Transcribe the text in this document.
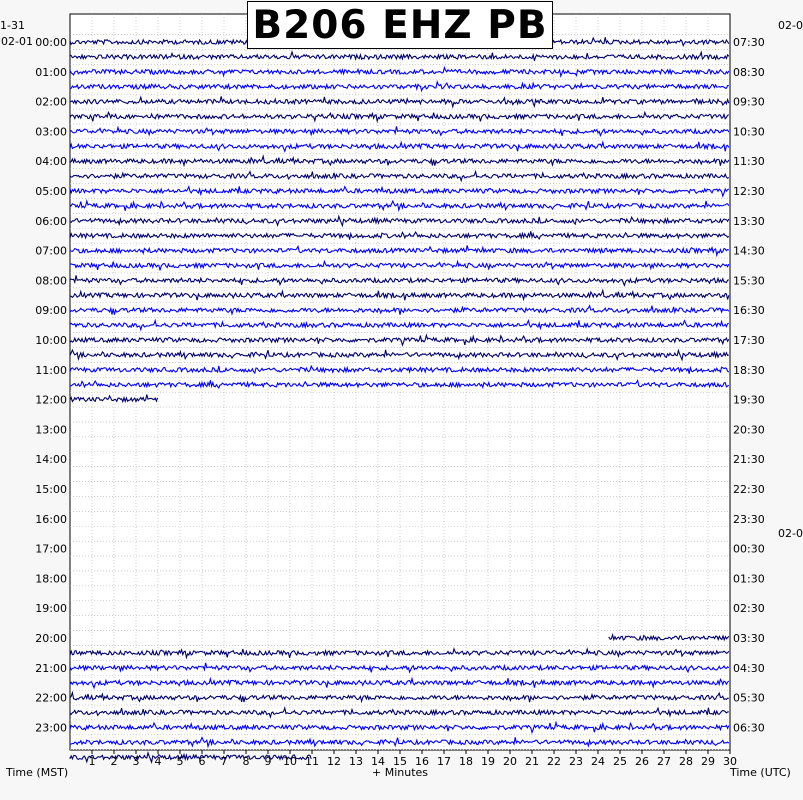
00:00
01:00
02:00
03:00
04:00
05:00
06:00
07:00
08:00
09:00
10:00
11:00
12:00
13:00
14:00
15:00
16:00
17:00
18:00
19:00
20:00
21:00
22:00
23:00
07:30
08:30
09:30
10:30
11:30
12:30
13:30
14:30
15:30
16:30
17:30
18:30
19:30
20:30
21:30
22:30
23:30
00:30
01:30
02:30
03:30
04:30
05:30
06:30
1 2 3 4 5 6 7 8 9 10 11 12 13 14 15 16 17 18 19 20 21 22 23 24 25 26 27 28 29 30
B206 EHZ PB
1-31
02-01
02-0
02-0
Time (MST)	+ Minutes	Time (UTC)
